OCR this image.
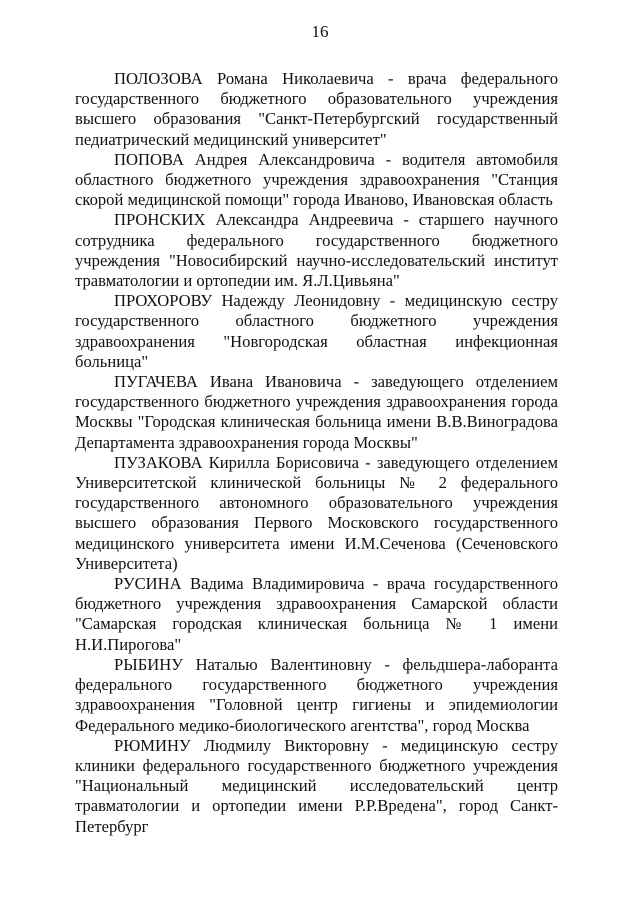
16

ПОЛОЗОВА Романа Николаевича - врача федерального государственного бюджетного образовательного учреждения высшего образования "Санкт-Петербургский государственный педиатрический медицинский университет"

ПОПОВА Андрея Александровича - водителя автомобиля областного бюджетного учреждения здравоохранения "Станция скорой медицинской помощи" города Иваново, Ивановская область

ПРОНСКИХ Александра Андреевича - старшего научного сотрудника федерального государственного бюджетного учреждения "Новосибирский научно-исследовательский институт травматологии и ортопедии им. Я.Л.Цивьяна"

ПРОХОРОВУ Надежду Леонидовну - медицинскую сестру государственного областного бюджетного учреждения здравоохранения "Новгородская областная инфекционная больница"

ПУГАЧЕВА Ивана Ивановича - заведующего отделением государственного бюджетного учреждения здравоохранения города Москвы "Городская клиническая больница имени В.В.Виноградова Департамента здравоохранения города Москвы"

ПУЗАКОВА Кирилла Борисовича - заведующего отделением Университетской клинической больницы № 2 федерального государственного автономного образовательного учреждения высшего образования Первого Московского государственного медицинского университета имени И.М.Сеченова (Сеченовского Университета)

РУСИНА Вадима Владимировича - врача государственного бюджетного учреждения здравоохранения Самарской области "Самарская городская клиническая больница № 1 имени Н.И.Пирогова"

РЫБИНУ Наталью Валентиновну - фельдшера-лаборанта федерального государственного бюджетного учреждения здравоохранения "Головной центр гигиены и эпидемиологии Федерального медико-биологического агентства", город Москва

РЮМИНУ Людмилу Викторовну - медицинскую сестру клиники федерального государственного бюджетного учреждения "Национальный медицинский исследовательский центр травматологии и ортопедии имени Р.Р.Вредена", город Санкт-Петербург
